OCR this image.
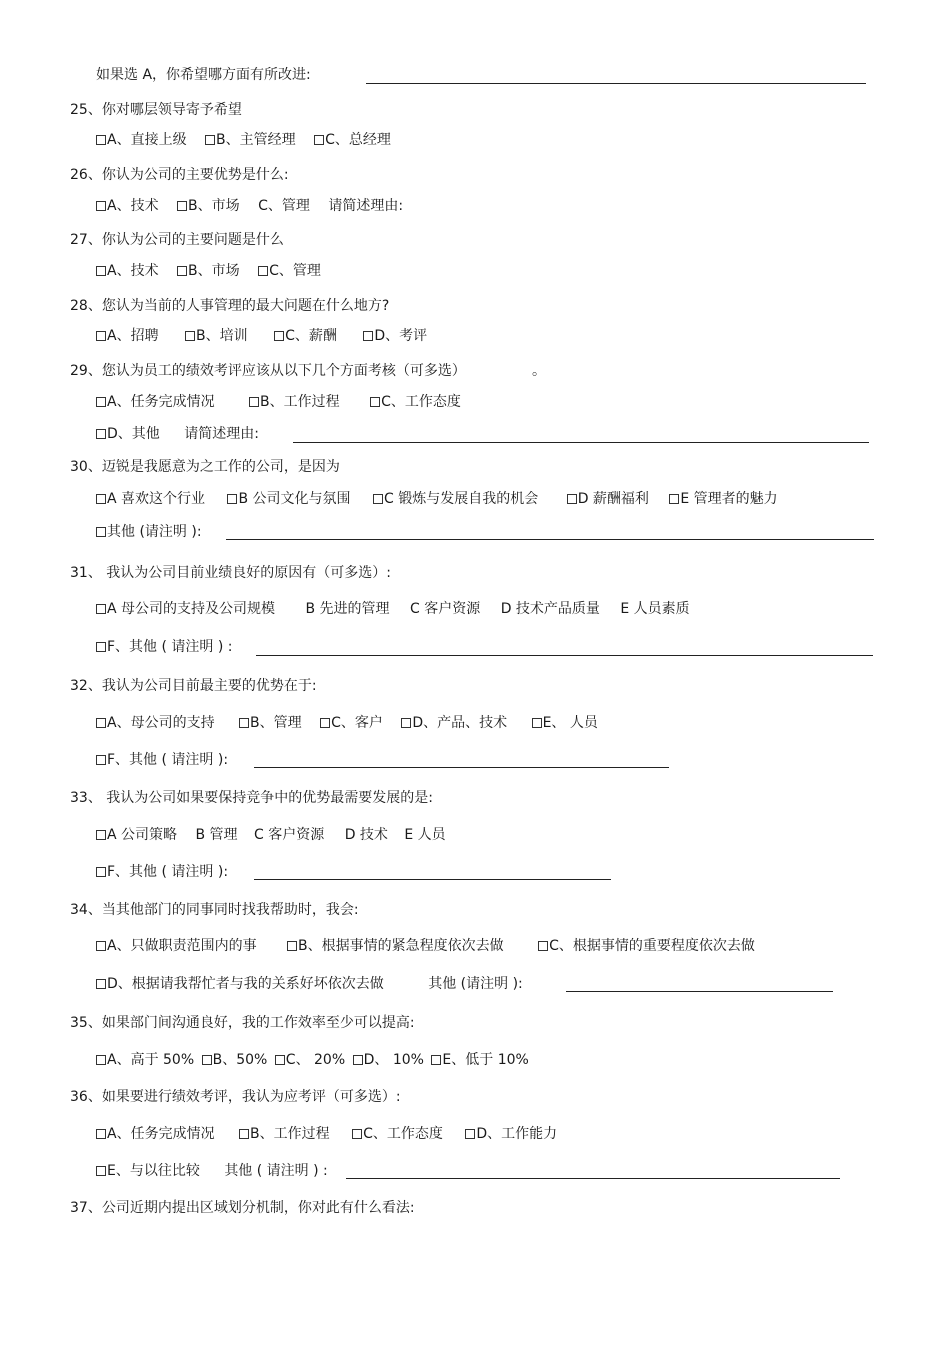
如果选 A，你希望哪方面有所改进:
25、你对哪层领导寄予希望
A、直接上级 B、主管经理 C、总经理
26、你认为公司的主要优势是什么:
A、技术 B、市场 C、管理 请简述理由:
27、你认为公司的主要问题是什么
A、技术 B、市场 C、管理
28、您认为当前的人事管理的最大问题在什么地方?
A、招聘	B、培训	C、薪酬	D、考评
29、您认为员工的绩效考评应该从以下几个方面考核（可多选）	。
A、任务完成情况	B、工作过程	C、工作态度
D、其他 请简述理由:
30、迈锐是我愿意为之工作的公司，是因为
A 喜欢这个行业 B 公司文化与氛围 C 锻炼与发展自我的机会	D 薪酬福利 E 管理者的魅力
其他 (请注明 ):
31、 我认为公司目前业绩良好的原因有（可多选）:
A 母公司的支持及公司规模 B 先进的管理 C 客户资源 D 技术产品质量 E 人员素质
F、其他 ( 请注明 ) :
32、我认为公司目前最主要的优势在于:
A、母公司的支持	B、管理 C、客户 D、产品、技术	E、 人员
F、其他 ( 请注明 ):
33、 我认为公司如果要保持竞争中的优势最需要发展的是:
A 公司策略 B 管理 C 客户资源 D 技术 E 人员
F、其他 ( 请注明 ):
34、当其他部门的同事同时找我帮助时，我会:
A、只做职责范围内的事	B、根据事情的紧急程度依次去做	C、根据事情的重要程度依次去做
D、根据请我帮忙者与我的关系好坏依次去做	其他 (请注明 ):
35、如果部门间沟通良好，我的工作效率至少可以提高:
A、高于 50% B、50% C、 20% D、 10% E、低于 10%
36、如果要进行绩效考评，我认为应考评（可多选）:
A、任务完成情况	B、工作过程 C、工作态度 D、工作能力
E、与以往比较 其他 ( 请注明 ) :
37、公司近期内提出区域划分机制，你对此有什么看法:
